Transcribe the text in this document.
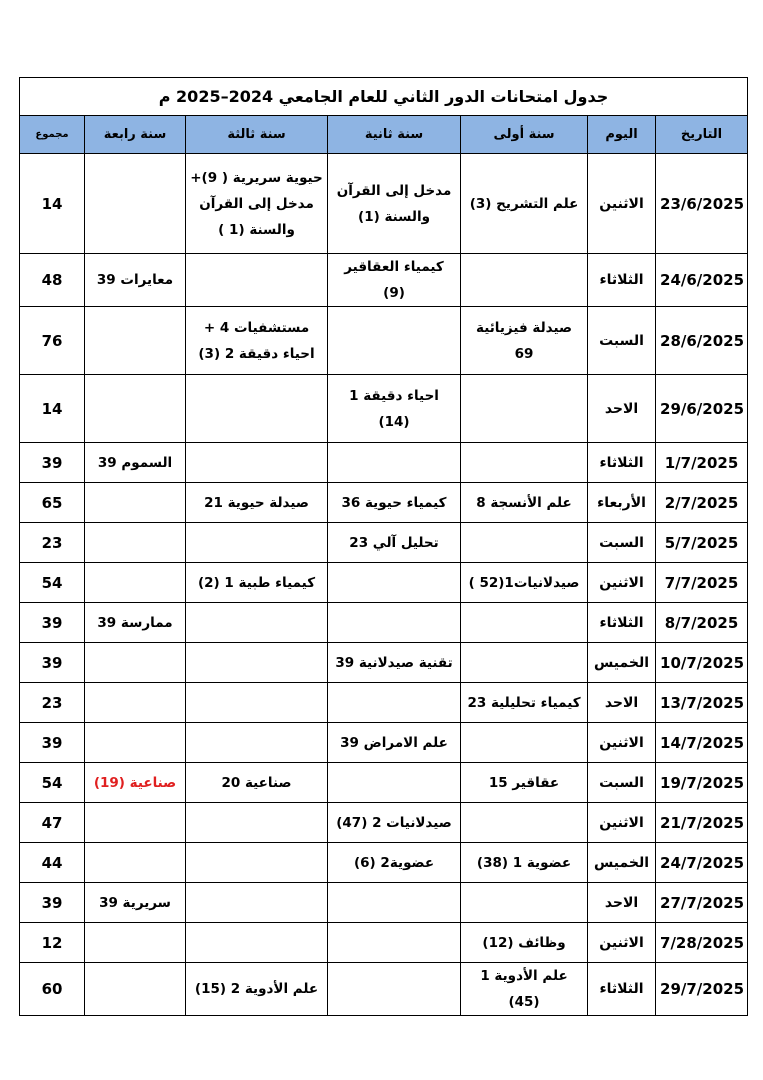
جدول امتحانات الدور الثاني للعام الجامعي 2024–2025 م						
التاريخ	اليوم	سنة أولى	سنة ثانية	سنة ثالثة	سنة رابعة	مجموع
23/6/2025	الاثنين	علم التشريح (3)	مدخل إلى القرآن والسنة (1)	حيوية سريرية ( 9)+ مدخل إلى القرآن والسنة (1 )		14
24/6/2025	الثلاثاء		كيمياء العقاقير (9)		معايرات 39	48
28/6/2025	السبت	صيدلة فيزيائية 69		مستشفيات 4 + احياء دقيقة 2 (3)		76
29/6/2025	الاحد		احياء دقيقة 1 (14)			14
1/7/2025	الثلاثاء				السموم 39	39
2/7/2025	الأربعاء	علم الأنسجة 8	كيمياء حيوية 36	صيدلة حيوية 21		65
5/7/2025	السبت		تحليل آلي 23			23
7/7/2025	الاثنين	صيدلانيات1(52 )		كيمياء طبية 1 (2)		54
8/7/2025	الثلاثاء				ممارسة 39	39
10/7/2025	الخميس		تقنية صيدلانية 39			39
13/7/2025	الاحد	كيمياء تحليلية 23				23
14/7/2025	الاثنين		علم الامراض 39			39
19/7/2025	السبت	عقاقير 15		صناعية 20	صناعية (19)	54
21/7/2025	الاثنين		صيدلانيات 2 (47)			47
24/7/2025	الخميس	عضوية 1 (38)	عضوية2 (6)			44
27/7/2025	الاحد				سريرية 39	39
7/28/2025	الاثنين	وظائف (12)				12
29/7/2025	الثلاثاء	علم الأدوية 1 (45)		علم الأدوية 2 (15)		60
